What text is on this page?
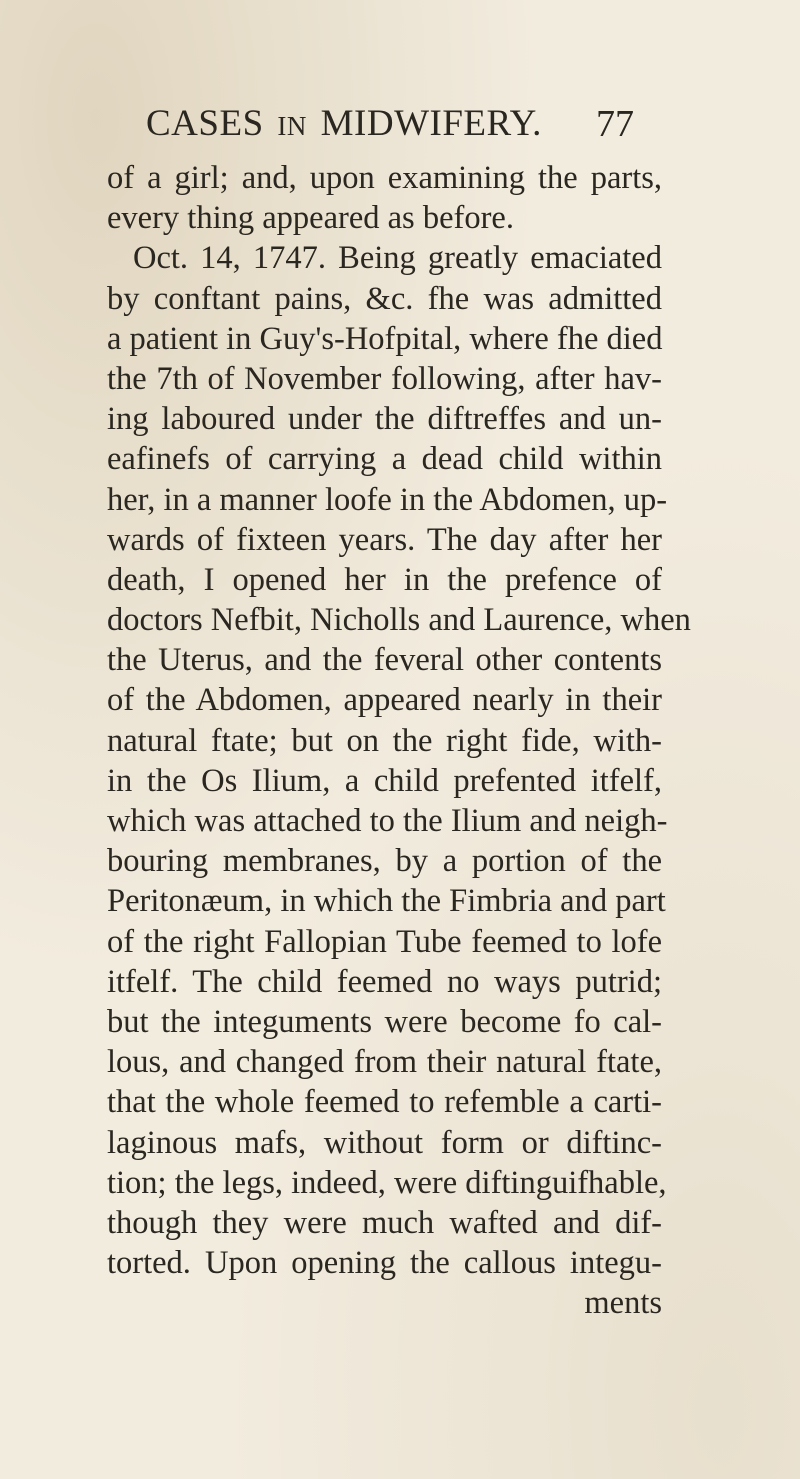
CASES IN MIDWIFERY. 77
of a girl; and, upon examining the parts,
every thing appeared as before.
Oct. 14, 1747. Being greatly emaciated
by conftant pains, &c. fhe was admitted
a patient in Guy's-Hofpital, where fhe died
the 7th of November following, after hav-
ing laboured under the diftreffes and un-
eafinefs of carrying a dead child within
her, in a manner loofe in the Abdomen, up-
wards of fixteen years. The day after her
death, I opened her in the prefence of
doctors Nefbit, Nicholls and Laurence, when
the Uterus, and the feveral other contents
of the Abdomen, appeared nearly in their
natural ftate; but on the right fide, with-
in the Os Ilium, a child prefented itfelf,
which was attached to the Ilium and neigh-
bouring membranes, by a portion of the
Peritonæum, in which the Fimbria and part
of the right Fallopian Tube feemed to lofe
itfelf. The child feemed no ways putrid;
but the integuments were become fo cal-
lous, and changed from their natural ftate,
that the whole feemed to refemble a carti-
laginous mafs, without form or diftinc-
tion; the legs, indeed, were diftinguifhable,
though they were much wafted and dif-
torted. Upon opening the callous integu-
ments
